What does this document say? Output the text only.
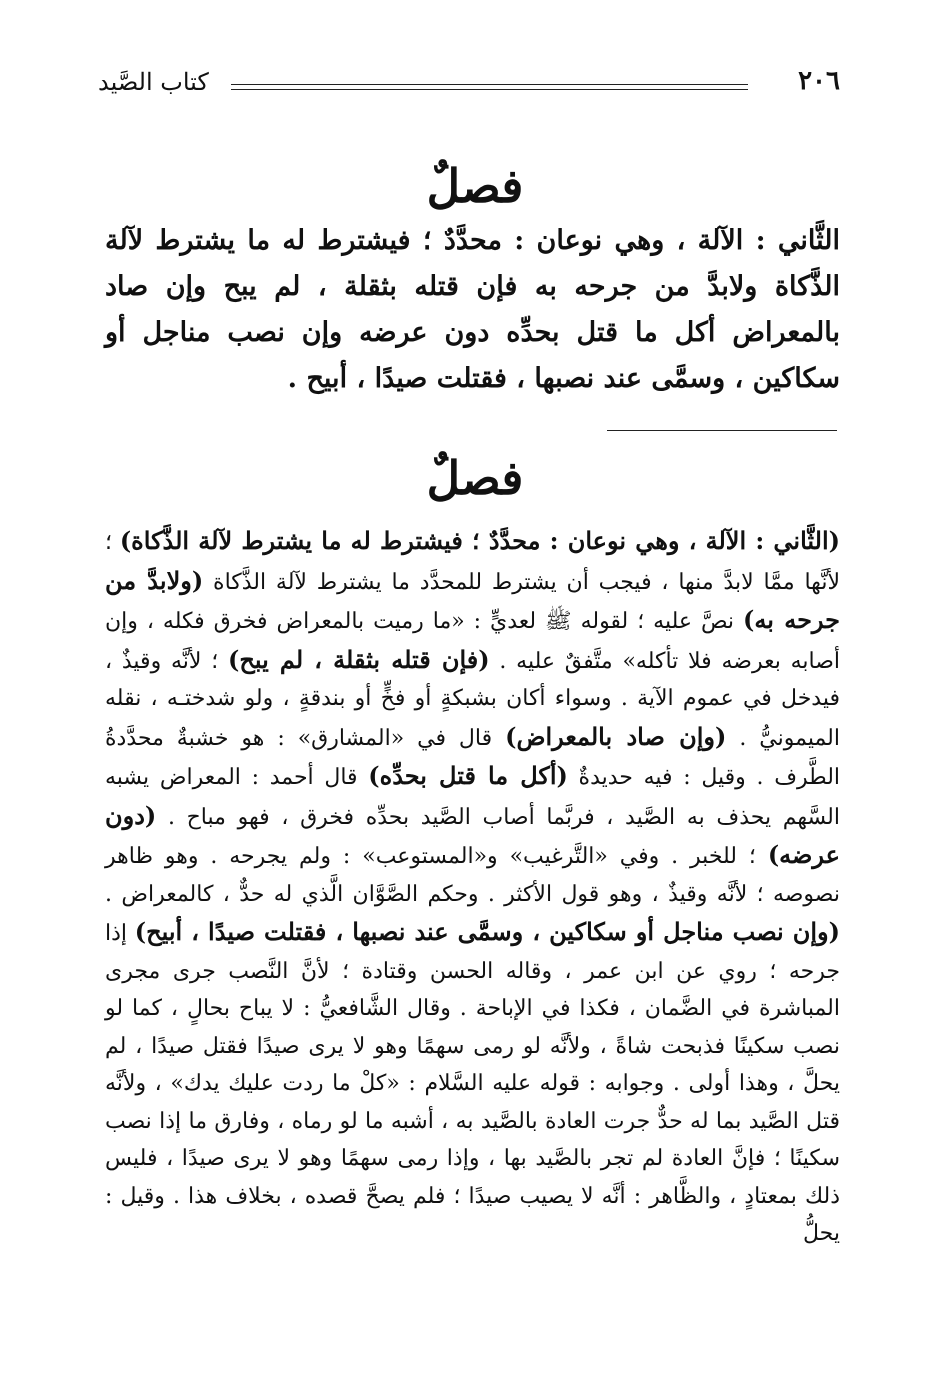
٢٠٦
كتاب الصَّيد
فصلٌ

الثَّاني : الآلة ، وهي نوعان : محدَّدٌ ؛ فيشترط له ما يشترط لآلة الذَّكاة ولابدَّ من جرحه به فإن قتله بثقلة ، لم يبح وإن صاد بالمعراض أكل ما قتل بحدِّه دون عرضه وإن نصب مناجل أو سكاكين ، وسمَّى عند نصبها ، فقتلت صيدًا ، أبيح .

فصلٌ

(الثَّاني : الآلة ، وهي نوعان : محدَّدٌ ؛ فيشترط له ما يشترط لآلة الذَّكاة) ؛ لأنَّها ممَّا لابدَّ منها ، فيجب أن يشترط للمحدَّد ما يشترط لآلة الذَّكاة (ولابدَّ من جرحه به) نصَّ عليه ؛ لقوله ﷺ لعديٍّ : «ما رميت بالمعراض فخرق فكله ، وإن أصابه بعرضه فلا تأكله» متَّفقٌ عليه . (فإن قتله بثقلة ، لم يبح) ؛ لأنَّه وقيذٌ ، فيدخل في عموم الآية . وسواء أكان بشبكةٍ أو فخٍّ أو بندقةٍ ، ولو شدختـه ، نقله الميمونيُّ . (وإن صاد بالمعراض) قال في «المشارق» : هو خشبةٌ محدَّدةُ الطَّرف . وقيل : فيه حديدةٌ (أكل ما قتل بحدِّه) قال أحمد : المعراض يشبه السَّهم يحذف به الصَّيد ، فربَّما أصاب الصَّيد بحدِّه فخرق ، فهو مباح . (دون عرضه) ؛ للخبر . وفي «التَّرغيب» و«المستوعب» : ولم يجرحه . وهو ظاهر نصوصه ؛ لأنَّه وقيذٌ ، وهو قول الأكثر . وحكم الصَّوَّان الَّذي له حدٌّ ، كالمعراض . (وإن نصب مناجل أو سكاكين ، وسمَّى عند نصبها ، فقتلت صيدًا ، أبيح) إذا جرحه ؛ روي عن ابن عمر ، وقاله الحسن وقتادة ؛ لأنَّ النَّصب جرى مجرى المباشرة في الضَّمان ، فكذا في الإباحة . وقال الشَّافعيُّ : لا يباح بحالٍ ، كما لو نصب سكينًا فذبحت شاةً ، ولأنَّه لو رمى سهمًا وهو لا يرى صيدًا فقتل صيدًا ، لم يحلَّ ، وهذا أولى . وجوابه : قوله عليه السَّلام : «كلْ ما ردت عليك يدك» ، ولأنَّه قتل الصَّيد بما له حدٌّ جرت العادة بالصَّيد به ، أشبه ما لو رماه ، وفارق ما إذا نصب سكينًا ؛ فإنَّ العادة لم تجر بالصَّيد بها ، وإذا رمى سهمًا وهو لا يرى صيدًا ، فليس ذلك بمعتادٍ ، والظَّاهر : أنَّه لا يصيب صيدًا ؛ فلم يصحَّ قصده ، بخلاف هذا . وقيل : يحلُّ
